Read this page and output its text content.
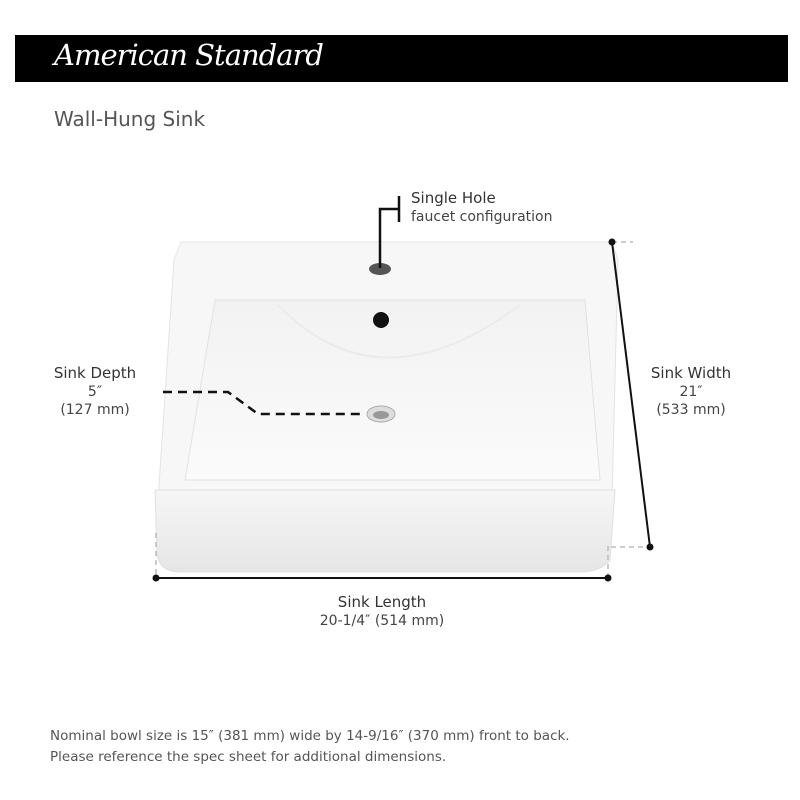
American Standard
Wall-Hung Sink
Single Hole
faucet configuration
Sink Depth
5″
(127 mm)
Sink Width
21″
(533 mm)
Sink Length
20-1/4″ (514 mm)
Nominal bowl size is 15″ (381 mm) wide by 14-9/16″ (370 mm) front to back.
Please reference the spec sheet for additional dimensions.
